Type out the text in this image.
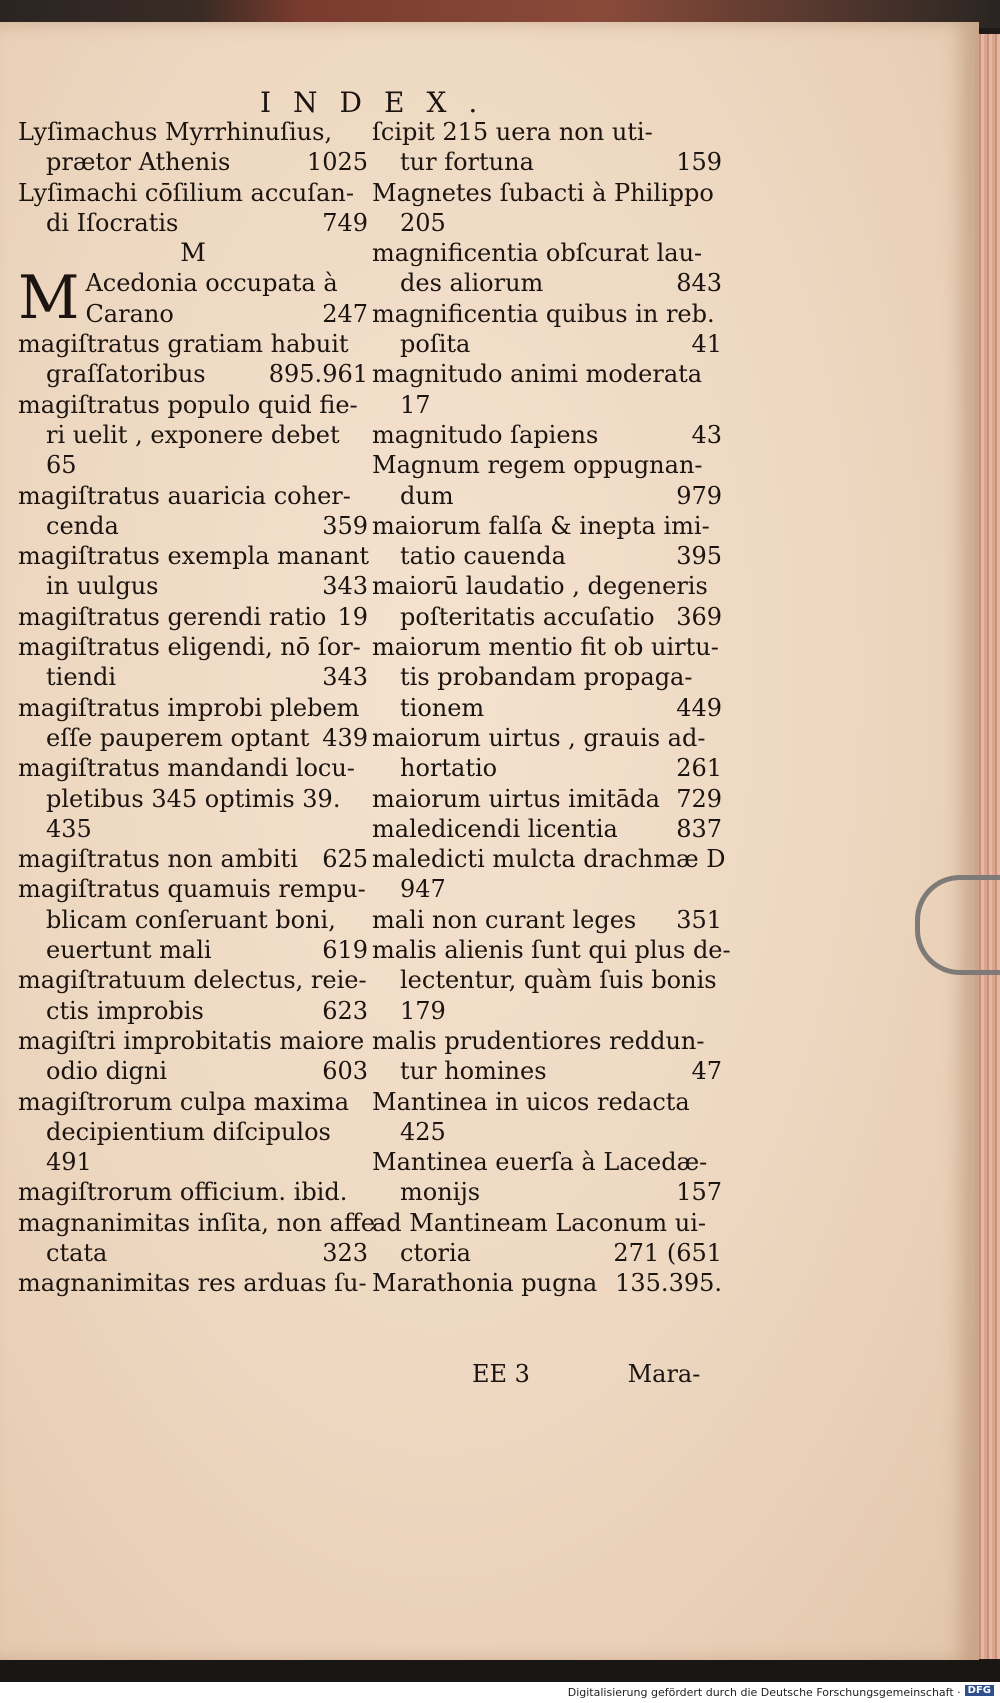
INDEX.
Lyſimachus Myrrhinuſius,
prætor Athenis	1025
Lyſimachi cōſilium accuſan-
di Iſocratis	749
M
M Acedonia occupata à
Carano	247
magiſtratus gratiam habuit
graſſatoribus	895.961
magiſtratus populo quid fie-
ri uelit , exponere debet
65
magiſtratus auaricia coher-
cenda	359
magiſtratus exempla manant
in uulgus	343
magiſtratus gerendi ratio 19
magiſtratus eligendi, nō ſor-
tiendi	343
magiſtratus improbi plebem
eſſe pauperem optant 439
magiſtratus mandandi locu-
pletibus 345 optimis 39.
435
magiſtratus non ambiti 625
magiſtratus quamuis rempu-
blicam conſeruant boni,
euertunt mali	619
magiſtratuum delectus, reie-
ctis improbis	623
magiſtri improbitatis maiore
odio digni	603
magiſtrorum culpa maxima
decipientium diſcipulos
491
magiſtrorum officium. ibid.
magnanimitas inſita, non affe
ctata	323
magnanimitas res arduas ſu-
ſcipit 215 uera non uti-
tur fortuna	159
Magnetes ſubacti à Philippo
205
magnificentia obſcurat lau-
des aliorum	843
magnificentia quibus in reb.
poſita	41
magnitudo animi moderata
17
magnitudo ſapiens	43
Magnum regem oppugnan-
dum	979
maiorum falſa & inepta imi-
tatio cauenda	395
maiorū laudatio , degeneris
poſteritatis accuſatio 369
maiorum mentio fit ob uirtu-
tis probandam propaga-
tionem	449
maiorum uirtus , grauis ad-
hortatio	261
maiorum uirtus imitāda 729
maledicendi licentia 837
maledicti mulcta drachmæ D
947
mali non curant leges 351
malis alienis ſunt qui plus de-
lectentur, quàm ſuis bonis
179
malis prudentiores reddun-
tur homines	47
Mantinea in uicos redacta
425
Mantinea euerſa à Lacedæ-
monijs	157
ad Mantineam Laconum ui-
ctoria	271 (651
Marathonia pugna 135.395.
EE 3	Mara-
Digitalisierung gefördert durch die Deutsche Forschungsgemeinschaft · DFG
